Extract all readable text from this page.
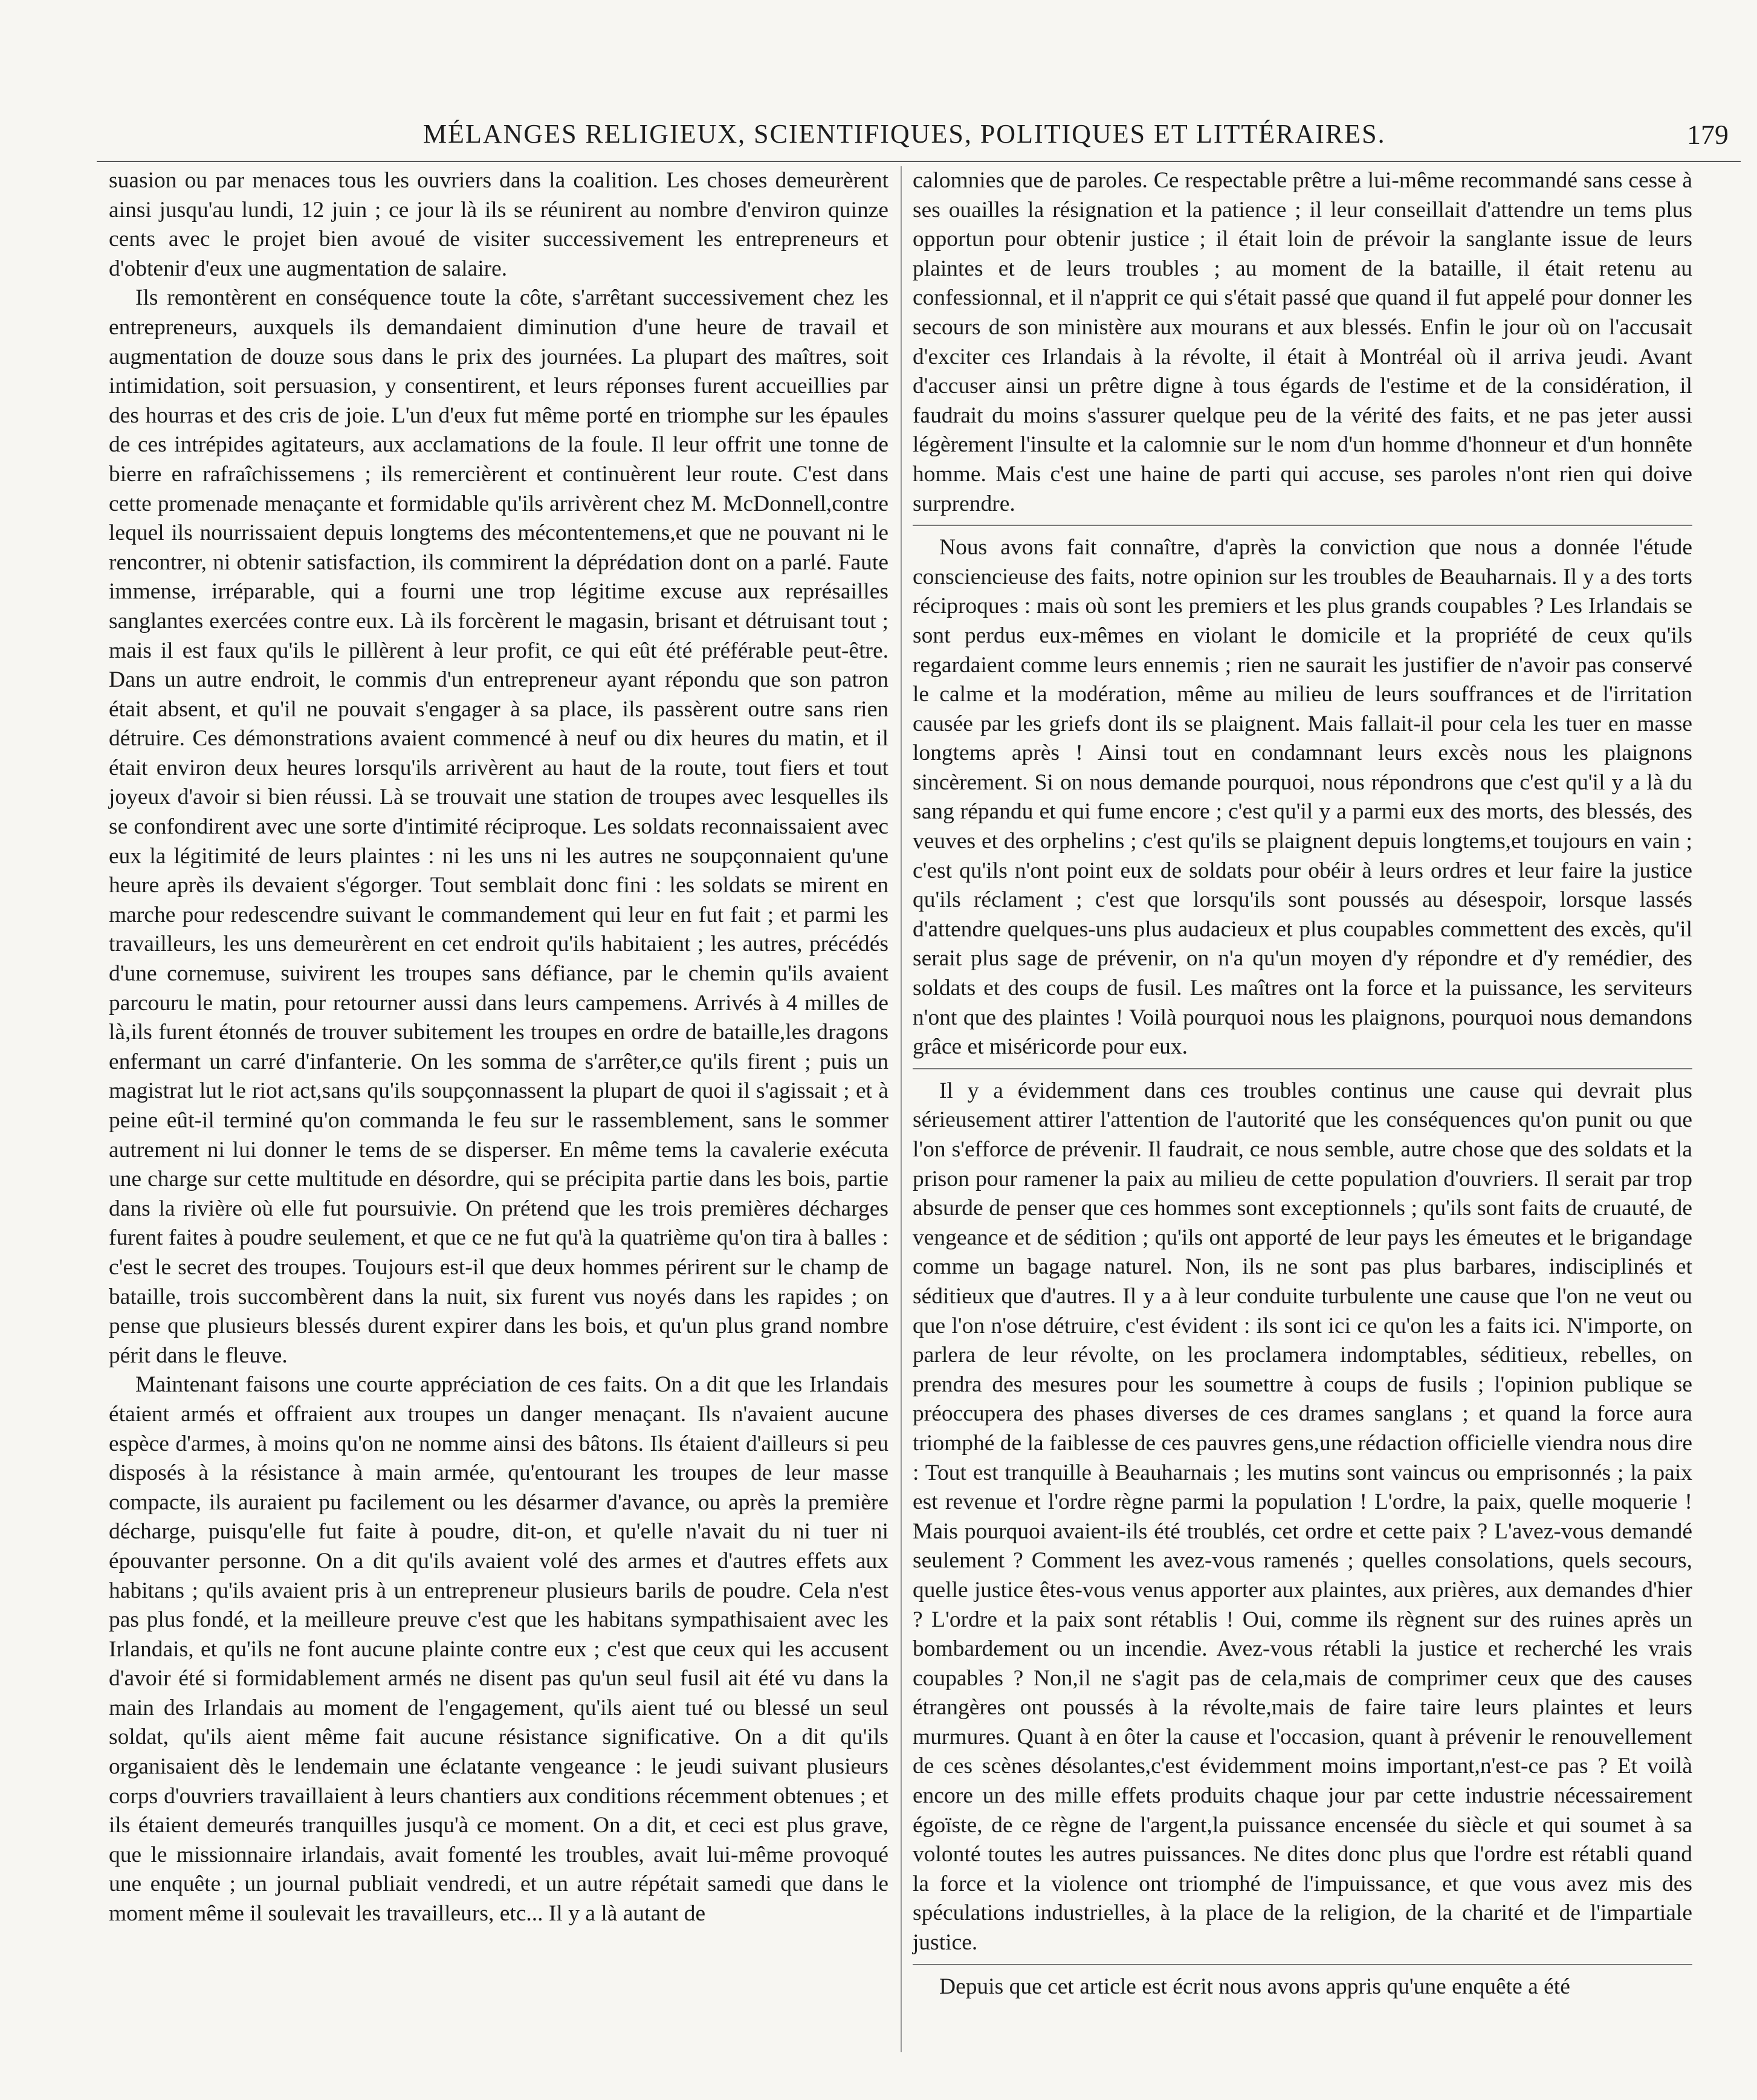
MÉLANGES RELIGIEUX, SCIENTIFIQUES, POLITIQUES ET LITTÉRAIRES.	179

suasion ou par menaces tous les ouvriers dans la coalition. Les choses demeurèrent ainsi jusqu'au lundi, 12 juin ; ce jour là ils se réunirent au nombre d'environ quinze cents avec le projet bien avoué de visiter successivement les entrepreneurs et d'obtenir d'eux une augmentation de salaire.

Ils remontèrent en conséquence toute la côte, s'arrêtant successivement chez les entrepreneurs, auxquels ils demandaient diminution d'une heure de travail et augmentation de douze sous dans le prix des journées. La plupart des maîtres, soit intimidation, soit persuasion, y consentirent, et leurs réponses furent accueillies par des hourras et des cris de joie. L'un d'eux fut même porté en triomphe sur les épaules de ces intrépides agitateurs, aux acclamations de la foule. Il leur offrit une tonne de bierre en rafraîchissemens ; ils remercièrent et continuèrent leur route. C'est dans cette promenade menaçante et formidable qu'ils arrivèrent chez M. McDonnell,contre lequel ils nourrissaient depuis longtems des mécontentemens,et que ne pouvant ni le rencontrer, ni obtenir satisfaction, ils commirent la déprédation dont on a parlé. Faute immense, irréparable, qui a fourni une trop légitime excuse aux représailles sanglantes exercées contre eux. Là ils forcèrent le magasin, brisant et détruisant tout ; mais il est faux qu'ils le pillèrent à leur profit, ce qui eût été préférable peut-être. Dans un autre endroit, le commis d'un entrepreneur ayant répondu que son patron était absent, et qu'il ne pouvait s'engager à sa place, ils passèrent outre sans rien détruire. Ces démonstrations avaient commencé à neuf ou dix heures du matin, et il était environ deux heures lorsqu'ils arrivèrent au haut de la route, tout fiers et tout joyeux d'avoir si bien réussi. Là se trouvait une station de troupes avec lesquelles ils se confondirent avec une sorte d'intimité réciproque. Les soldats reconnaissaient avec eux la légitimité de leurs plaintes : ni les uns ni les autres ne soupçonnaient qu'une heure après ils devaient s'égorger. Tout semblait donc fini : les soldats se mirent en marche pour redescendre suivant le commandement qui leur en fut fait ; et parmi les travailleurs, les uns demeurèrent en cet endroit qu'ils habitaient ; les autres, précédés d'une cornemuse, suivirent les troupes sans défiance, par le chemin qu'ils avaient parcouru le matin, pour retourner aussi dans leurs campemens. Arrivés à 4 milles de là,ils furent étonnés de trouver subitement les troupes en ordre de bataille,les dragons enfermant un carré d'infanterie. On les somma de s'arrêter,ce qu'ils firent ; puis un magistrat lut le riot act,sans qu'ils soupçonnassent la plupart de quoi il s'agissait ; et à peine eût-il terminé qu'on commanda le feu sur le rassemblement, sans le sommer autrement ni lui donner le tems de se disperser. En même tems la cavalerie exécuta une charge sur cette multitude en désordre, qui se précipita partie dans les bois, partie dans la rivière où elle fut poursuivie. On prétend que les trois premières décharges furent faites à poudre seulement, et que ce ne fut qu'à la quatrième qu'on tira à balles : c'est le secret des troupes. Toujours est-il que deux hommes périrent sur le champ de bataille, trois succombèrent dans la nuit, six furent vus noyés dans les rapides ; on pense que plusieurs blessés durent expirer dans les bois, et qu'un plus grand nombre périt dans le fleuve.

Maintenant faisons une courte appréciation de ces faits. On a dit que les Irlandais étaient armés et offraient aux troupes un danger menaçant. Ils n'avaient aucune espèce d'armes, à moins qu'on ne nomme ainsi des bâtons. Ils étaient d'ailleurs si peu disposés à la résistance à main armée, qu'entourant les troupes de leur masse compacte, ils auraient pu facilement ou les désarmer d'avance, ou après la première décharge, puisqu'elle fut faite à poudre, dit-on, et qu'elle n'avait du ni tuer ni épouvanter personne. On a dit qu'ils avaient volé des armes et d'autres effets aux habitans ; qu'ils avaient pris à un entrepreneur plusieurs barils de poudre. Cela n'est pas plus fondé, et la meilleure preuve c'est que les habitans sympathisaient avec les Irlandais, et qu'ils ne font aucune plainte contre eux ; c'est que ceux qui les accusent d'avoir été si formidablement armés ne disent pas qu'un seul fusil ait été vu dans la main des Irlandais au moment de l'engagement, qu'ils aient tué ou blessé un seul soldat, qu'ils aient même fait aucune résistance significative. On a dit qu'ils organisaient dès le lendemain une éclatante vengeance : le jeudi suivant plusieurs corps d'ouvriers travaillaient à leurs chantiers aux conditions récemment obtenues ; et ils étaient demeurés tranquilles jusqu'à ce moment. On a dit, et ceci est plus grave, que le missionnaire irlandais, avait fomenté les troubles, avait lui-même provoqué une enquête ; un journal publiait vendredi, et un autre répétait samedi que dans le moment même il soulevait les travailleurs, etc... Il y a là autant de

calomnies que de paroles. Ce respectable prêtre a lui-même recommandé sans cesse à ses ouailles la résignation et la patience ; il leur conseillait d'attendre un tems plus opportun pour obtenir justice ; il était loin de prévoir la sanglante issue de leurs plaintes et de leurs troubles ; au moment de la bataille, il était retenu au confessionnal, et il n'apprit ce qui s'était passé que quand il fut appelé pour donner les secours de son ministère aux mourans et aux blessés. Enfin le jour où on l'accusait d'exciter ces Irlandais à la révolte, il était à Montréal où il arriva jeudi. Avant d'accuser ainsi un prêtre digne à tous égards de l'estime et de la considération, il faudrait du moins s'assurer quelque peu de la vérité des faits, et ne pas jeter aussi légèrement l'insulte et la calomnie sur le nom d'un homme d'honneur et d'un honnête homme. Mais c'est une haine de parti qui accuse, ses paroles n'ont rien qui doive surprendre.

Nous avons fait connaître, d'après la conviction que nous a donnée l'étude consciencieuse des faits, notre opinion sur les troubles de Beauharnais. Il y a des torts réciproques : mais où sont les premiers et les plus grands coupables ? Les Irlandais se sont perdus eux-mêmes en violant le domicile et la propriété de ceux qu'ils regardaient comme leurs ennemis ; rien ne saurait les justifier de n'avoir pas conservé le calme et la modération, même au milieu de leurs souffrances et de l'irritation causée par les griefs dont ils se plaignent. Mais fallait-il pour cela les tuer en masse longtems après ! Ainsi tout en condamnant leurs excès nous les plaignons sincèrement. Si on nous demande pourquoi, nous répondrons que c'est qu'il y a là du sang répandu et qui fume encore ; c'est qu'il y a parmi eux des morts, des blessés, des veuves et des orphelins ; c'est qu'ils se plaignent depuis longtems,et toujours en vain ; c'est qu'ils n'ont point eux de soldats pour obéir à leurs ordres et leur faire la justice qu'ils réclament ; c'est que lorsqu'ils sont poussés au désespoir, lorsque lassés d'attendre quelques-uns plus audacieux et plus coupables commettent des excès, qu'il serait plus sage de prévenir, on n'a qu'un moyen d'y répondre et d'y remédier, des soldats et des coups de fusil. Les maîtres ont la force et la puissance, les serviteurs n'ont que des plaintes ! Voilà pourquoi nous les plaignons, pourquoi nous demandons grâce et miséricorde pour eux.

Il y a évidemment dans ces troubles continus une cause qui devrait plus sérieusement attirer l'attention de l'autorité que les conséquences qu'on punit ou que l'on s'efforce de prévenir. Il faudrait, ce nous semble, autre chose que des soldats et la prison pour ramener la paix au milieu de cette population d'ouvriers. Il serait par trop absurde de penser que ces hommes sont exceptionnels ; qu'ils sont faits de cruauté, de vengeance et de sédition ; qu'ils ont apporté de leur pays les émeutes et le brigandage comme un bagage naturel. Non, ils ne sont pas plus barbares, indisciplinés et séditieux que d'autres. Il y a à leur conduite turbulente une cause que l'on ne veut ou que l'on n'ose détruire, c'est évident : ils sont ici ce qu'on les a faits ici. N'importe, on parlera de leur révolte, on les proclamera indomptables, séditieux, rebelles, on prendra des mesures pour les soumettre à coups de fusils ; l'opinion publique se préoccupera des phases diverses de ces drames sanglans ; et quand la force aura triomphé de la faiblesse de ces pauvres gens,une rédaction officielle viendra nous dire : Tout est tranquille à Beauharnais ; les mutins sont vaincus ou emprisonnés ; la paix est revenue et l'ordre règne parmi la population ! L'ordre, la paix, quelle moquerie ! Mais pourquoi avaient-ils été troublés, cet ordre et cette paix ? L'avez-vous demandé seulement ? Comment les avez-vous ramenés ; quelles consolations, quels secours, quelle justice êtes-vous venus apporter aux plaintes, aux prières, aux demandes d'hier ? L'ordre et la paix sont rétablis ! Oui, comme ils règnent sur des ruines après un bombardement ou un incendie. Avez-vous rétabli la justice et recherché les vrais coupables ? Non,il ne s'agit pas de cela,mais de comprimer ceux que des causes étrangères ont poussés à la révolte,mais de faire taire leurs plaintes et leurs murmures. Quant à en ôter la cause et l'occasion, quant à prévenir le renouvellement de ces scènes désolantes,c'est évidemment moins important,n'est-ce pas ? Et voilà encore un des mille effets produits chaque jour par cette industrie nécessairement égoïste, de ce règne de l'argent,la puissance encensée du siècle et qui soumet à sa volonté toutes les autres puissances. Ne dites donc plus que l'ordre est rétabli quand la force et la violence ont triomphé de l'impuissance, et que vous avez mis des spéculations industrielles, à la place de la religion, de la charité et de l'impartiale justice.

Depuis que cet article est écrit nous avons appris qu'une enquête a été
